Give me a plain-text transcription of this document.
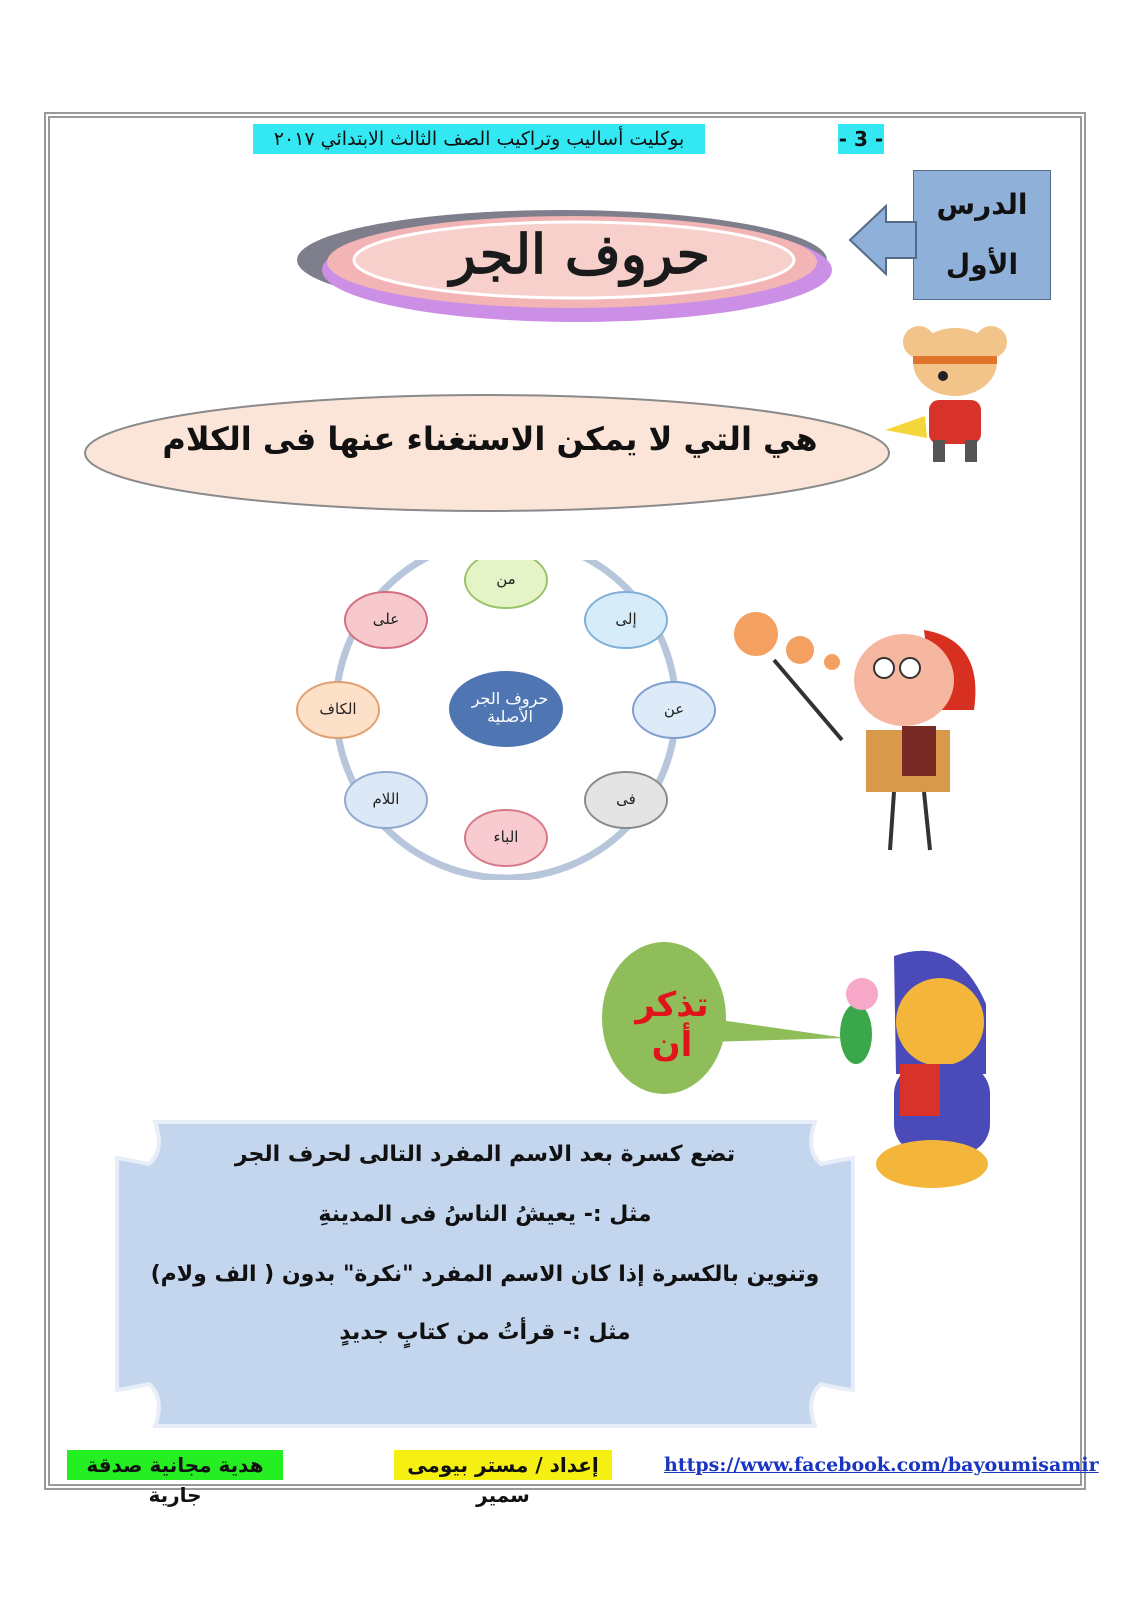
بوكليت أساليب وتراكيب الصف الثالث الابتدائي ٢٠١٧	- 3 -
الدرس
الأول
حروف الجر
هي التي لا يمكن الاستغناء عنها فى الكلام
حروف الجر الأصلية
من
إلى
عن
فى
الباء
اللام
الكاف
على
تذكر أن
تضع كسرة بعد الاسم المفرد التالى لحرف الجر
مثل :- يعيشُ الناسُ فى المدينةِ
وتنوين بالكسرة إذا كان الاسم المفرد "نكرة" بدون ( الف ولام)
مثل :- قرأتُ من كتابٍ جديدٍ
هدية مجانية صدقة جارية
إعداد / مستر بيومى سمير
https://www.facebook.com/bayoumisamir
